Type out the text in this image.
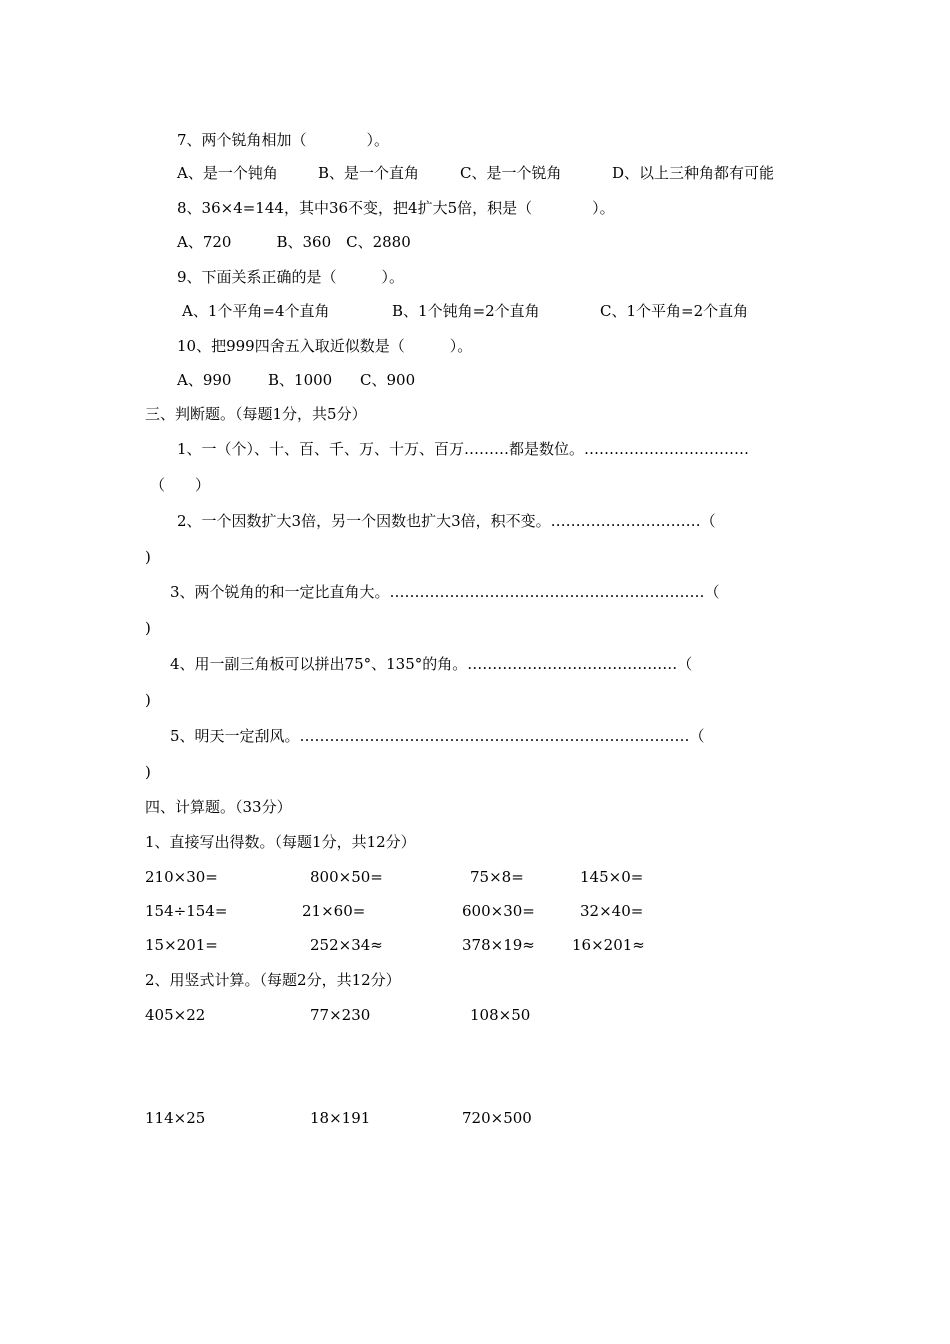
7、两个锐角相加（　　　　）。
A、是一个钝角	B、是一个直角	C、是一个锐角	D、以上三种角都有可能
8、36×4=144，其中36不变，把4扩大5倍，积是（　　　　）。
A、720　　　B、360　C、2880
9、下面关系正确的是（　　　）。
A、1个平角=4个直角	B、1个钝角=2个直角	C、1个平角=2个直角
10、把999四舍五入取近似数是（　　　）。
A、990 B、1000 C、900
三、判断题。（每题1分，共5分）
1、一（个）、十、百、千、万、十万、百万………都是数位。……………………………
（　　）
2、一个因数扩大3倍，另一个因数也扩大3倍，积不变。…………………………（
)
3、两个锐角的和一定比直角大。………………………………………………………（
)
4、用一副三角板可以拼出75°、135°的角。……………………………………（
)
5、明天一定刮风。……………………………………………………………………（
)
四、计算题。（33分）
1、直接写出得数。（每题1分，共12分）
210×30=	800×50=	75×8=	145×0=
154÷154=	21×60=	600×30=	32×40=
15×201=	252×34≈	378×19≈ 16×201≈
2、用竖式计算。（每题2分，共12分）
405×22	77×230	108×50
114×25	18×191	720×500
